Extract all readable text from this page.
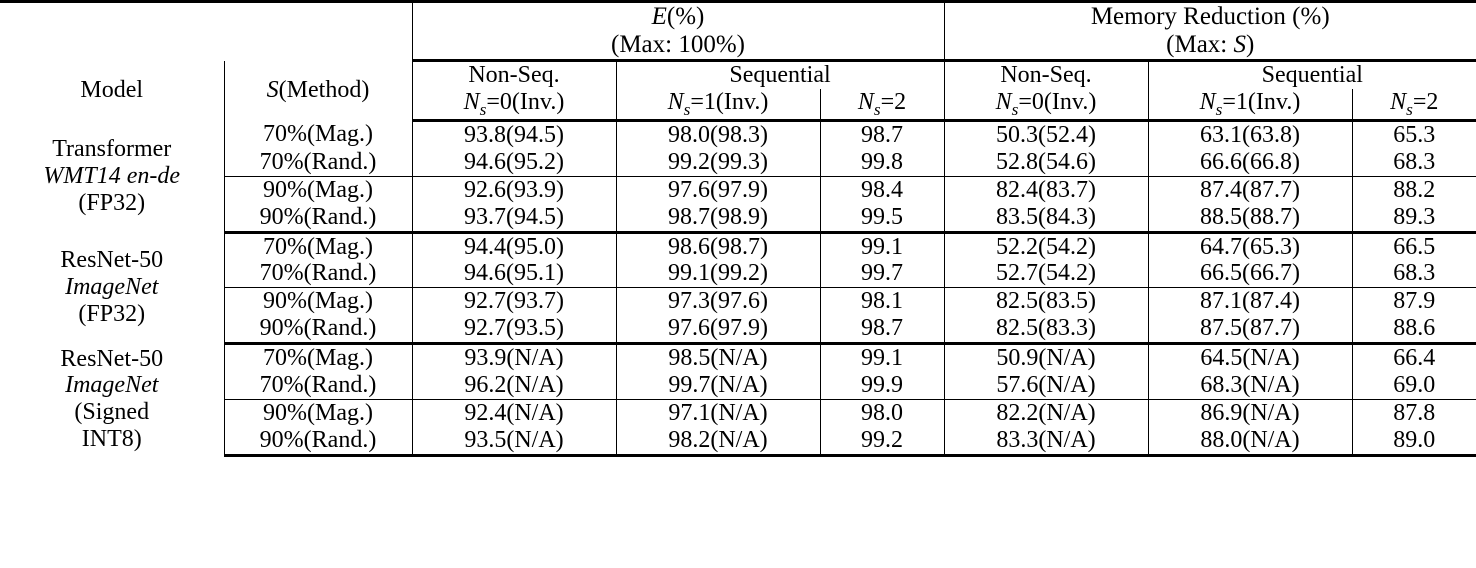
		E(%)			Memory Reduction (%)		
		(Max: 100%)			(Max: S)		
Model	S(Method)	Non-Seq.	Sequential		Non-Seq.	Sequential	
		$N_s=0(Inv.)$	$N_s=1(Inv.)$	$N_s=2$	$N_s=0(Inv.)$	$N_s=1(Inv.)$	$N_s=2$

Transformer
WMT14 en-de
(FP32)	70%(Mag.)	93.8(94.5)	98.0(98.3)	98.7	50.3(52.4)	63.1(63.8)	65.3
	70%(Rand.)	94.6(95.2)	99.2(99.3)	99.8	52.8(54.6)	66.6(66.8)	68.3
	90%(Mag.)	92.6(93.9)	97.6(97.9)	98.4	82.4(83.7)	87.4(87.7)	88.2
	90%(Rand.)	93.7(94.5)	98.7(98.9)	99.5	83.5(84.3)	88.5(88.7)	89.3

ResNet-50
ImageNet
(FP32)	70%(Mag.)	94.4(95.0)	98.6(98.7)	99.1	52.2(54.2)	64.7(65.3)	66.5
	70%(Rand.)	94.6(95.1)	99.1(99.2)	99.7	52.7(54.2)	66.5(66.7)	68.3
	90%(Mag.)	92.7(93.7)	97.3(97.6)	98.1	82.5(83.5)	87.1(87.4)	87.9
	90%(Rand.)	92.7(93.5)	97.6(97.9)	98.7	82.5(83.3)	87.5(87.7)	88.6

ResNet-50
ImageNet
(Signed
INT8)	70%(Mag.)	93.9(N/A)	98.5(N/A)	99.1	50.9(N/A)	64.5(N/A)	66.4
	70%(Rand.)	96.2(N/A)	99.7(N/A)	99.9	57.6(N/A)	68.3(N/A)	69.0
	90%(Mag.)	92.4(N/A)	97.1(N/A)	98.0	82.2(N/A)	86.9(N/A)	87.8
	90%(Rand.)	93.5(N/A)	98.2(N/A)	99.2	83.3(N/A)	88.0(N/A)	89.0
